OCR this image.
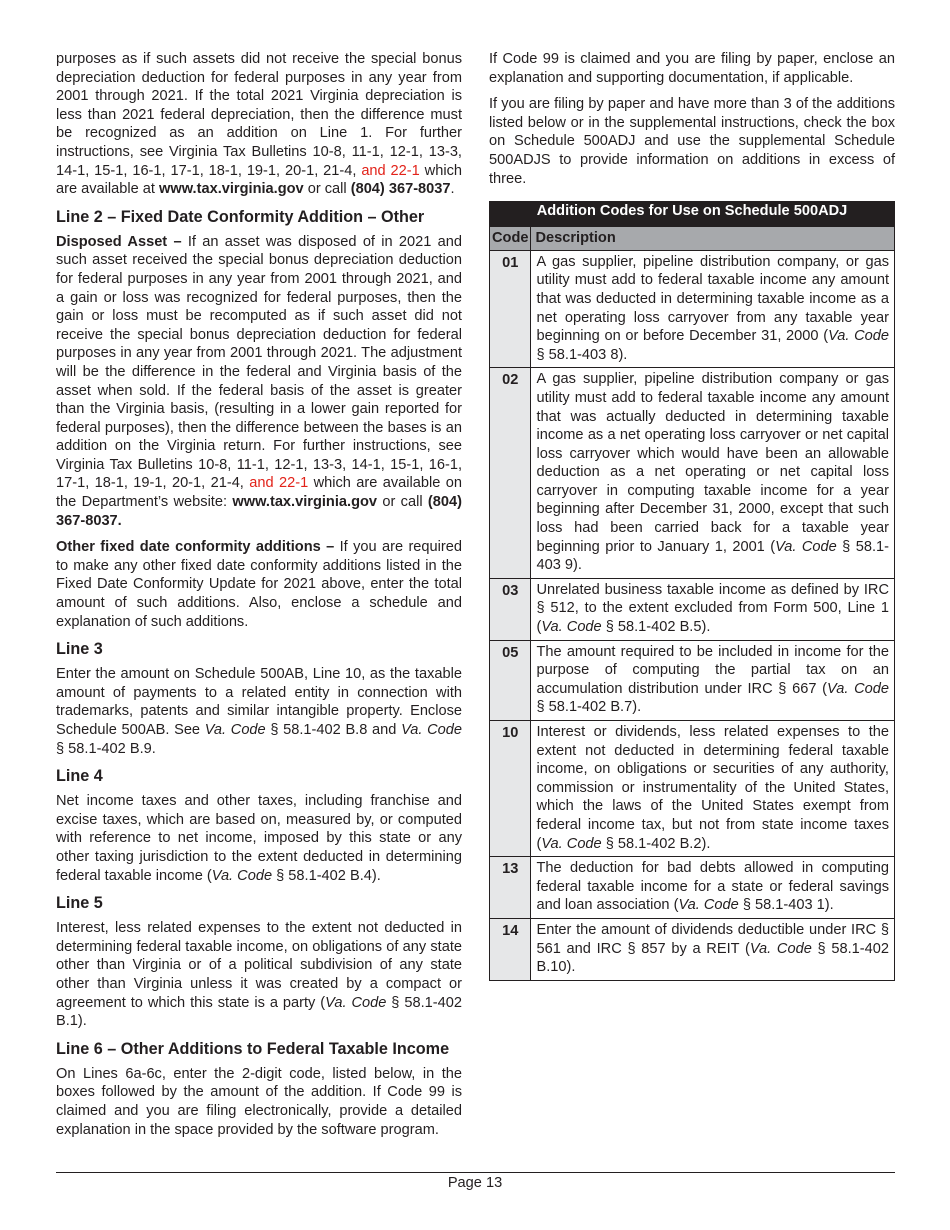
purposes as if such assets did not receive the special bonus depreciation deduction for federal purposes in any year from 2001 through 2021. If the total 2021 Virginia depreciation is less than 2021 federal depreciation, then the difference must be recognized as an addition on Line 1. For further instructions, see Virginia Tax Bulletins 10-8, 11-1, 12-1, 13-3, 14-1, 15-1, 16-1, 17-1, 18-1, 19-1, 20-1, 21-4, and 22-1 which are available at www.tax.virginia.gov or call (804) 367-8037.

Line 2 – Fixed Date Conformity Addition – Other

Disposed Asset – If an asset was disposed of in 2021 and such asset received the special bonus depreciation deduction for federal purposes in any year from 2001 through 2021, and a gain or loss was recognized for federal purposes, then the gain or loss must be recomputed as if such asset did not receive the special bonus depreciation deduction for federal purposes in any year from 2001 through 2021. The adjustment will be the difference in the federal and Virginia basis of the asset when sold. If the federal basis of the asset is greater than the Virginia basis, (resulting in a lower gain reported for federal purposes), then the difference between the bases is an addition on the Virginia return. For further instructions, see Virginia Tax Bulletins 10-8, 11-1, 12-1, 13-3, 14-1, 15-1, 16-1, 17-1, 18-1, 19-1, 20-1, 21-4, and 22-1 which are available on the Department’s website: www.tax.virginia.gov or call (804) 367-8037.

Other fixed date conformity additions – If you are required to make any other fixed date conformity additions listed in the Fixed Date Conformity Update for 2021 above, enter the total amount of such additions. Also, enclose a schedule and explanation of such additions.

Line 3

Enter the amount on Schedule 500AB, Line 10, as the taxable amount of payments to a related entity in connection with trademarks, patents and similar intangible property. Enclose Schedule 500AB. See Va. Code § 58.1-402 B.8 and Va. Code § 58.1-402 B.9.

Line 4

Net income taxes and other taxes, including franchise and excise taxes, which are based on, measured by, or computed with reference to net income, imposed by this state or any other taxing jurisdiction to the extent deducted in determining federal taxable income (Va. Code § 58.1-402 B.4).

Line 5

Interest, less related expenses to the extent not deducted in determining federal taxable income, on obligations of any state other than Virginia or of a political subdivision of any state other than Virginia unless it was created by a compact or agreement to which this state is a party (Va. Code § 58.1-402 B.1).

Line 6 – Other Additions to Federal Taxable Income

On Lines 6a-6c, enter the 2-digit code, listed below, in the boxes followed by the amount of the addition. If Code 99 is claimed and you are filing electronically, provide a detailed explanation in the space provided by the software program.

If Code 99 is claimed and you are filing by paper, enclose an explanation and supporting documentation, if applicable.

If you are filing by paper and have more than 3 of the additions listed below or in the supplemental instructions, check the box on Schedule 500ADJ and use the supplemental Schedule 500ADJS to provide information on additions in excess of three.

Addition Codes for Use on Schedule 500ADJ	
Code	Description
01	A gas supplier, pipeline distribution company, or gas utility must add to federal taxable income any amount that was deducted in determining taxable income as a net operating loss carryover from any taxable year beginning on or before December 31, 2000 (Va. Code § 58.1-403 8).
02	A gas supplier, pipeline distribution company or gas utility must add to federal taxable income any amount that was actually deducted in determining taxable income as a net operating loss carryover or net capital loss carryover which would have been an allowable deduction as a net operating or net capital loss carryover in computing taxable income for a year beginning after December 31, 2000, except that such loss had been carried back for a taxable year beginning prior to January 1, 2001 (Va. Code § 58.1-403 9).
03	Unrelated business taxable income as defined by IRC § 512, to the extent excluded from Form 500, Line 1 (Va. Code § 58.1-402 B.5).
05	The amount required to be included in income for the purpose of computing the partial tax on an accumulation distribution under IRC § 667 (Va. Code § 58.1-402 B.7).
10	Interest or dividends, less related expenses to the extent not deducted in determining federal taxable income, on obligations or securities of any authority, commission or instrumentality of the United States, which the laws of the United States exempt from federal income tax, but not from state income taxes (Va. Code § 58.1-402 B.2).
13	The deduction for bad debts allowed in computing federal taxable income for a state or federal savings and loan association (Va. Code § 58.1-403 1).
14	Enter the amount of dividends deductible under IRC § 561 and IRC § 857 by a REIT (Va. Code § 58.1-402 B.10).
Page 13
